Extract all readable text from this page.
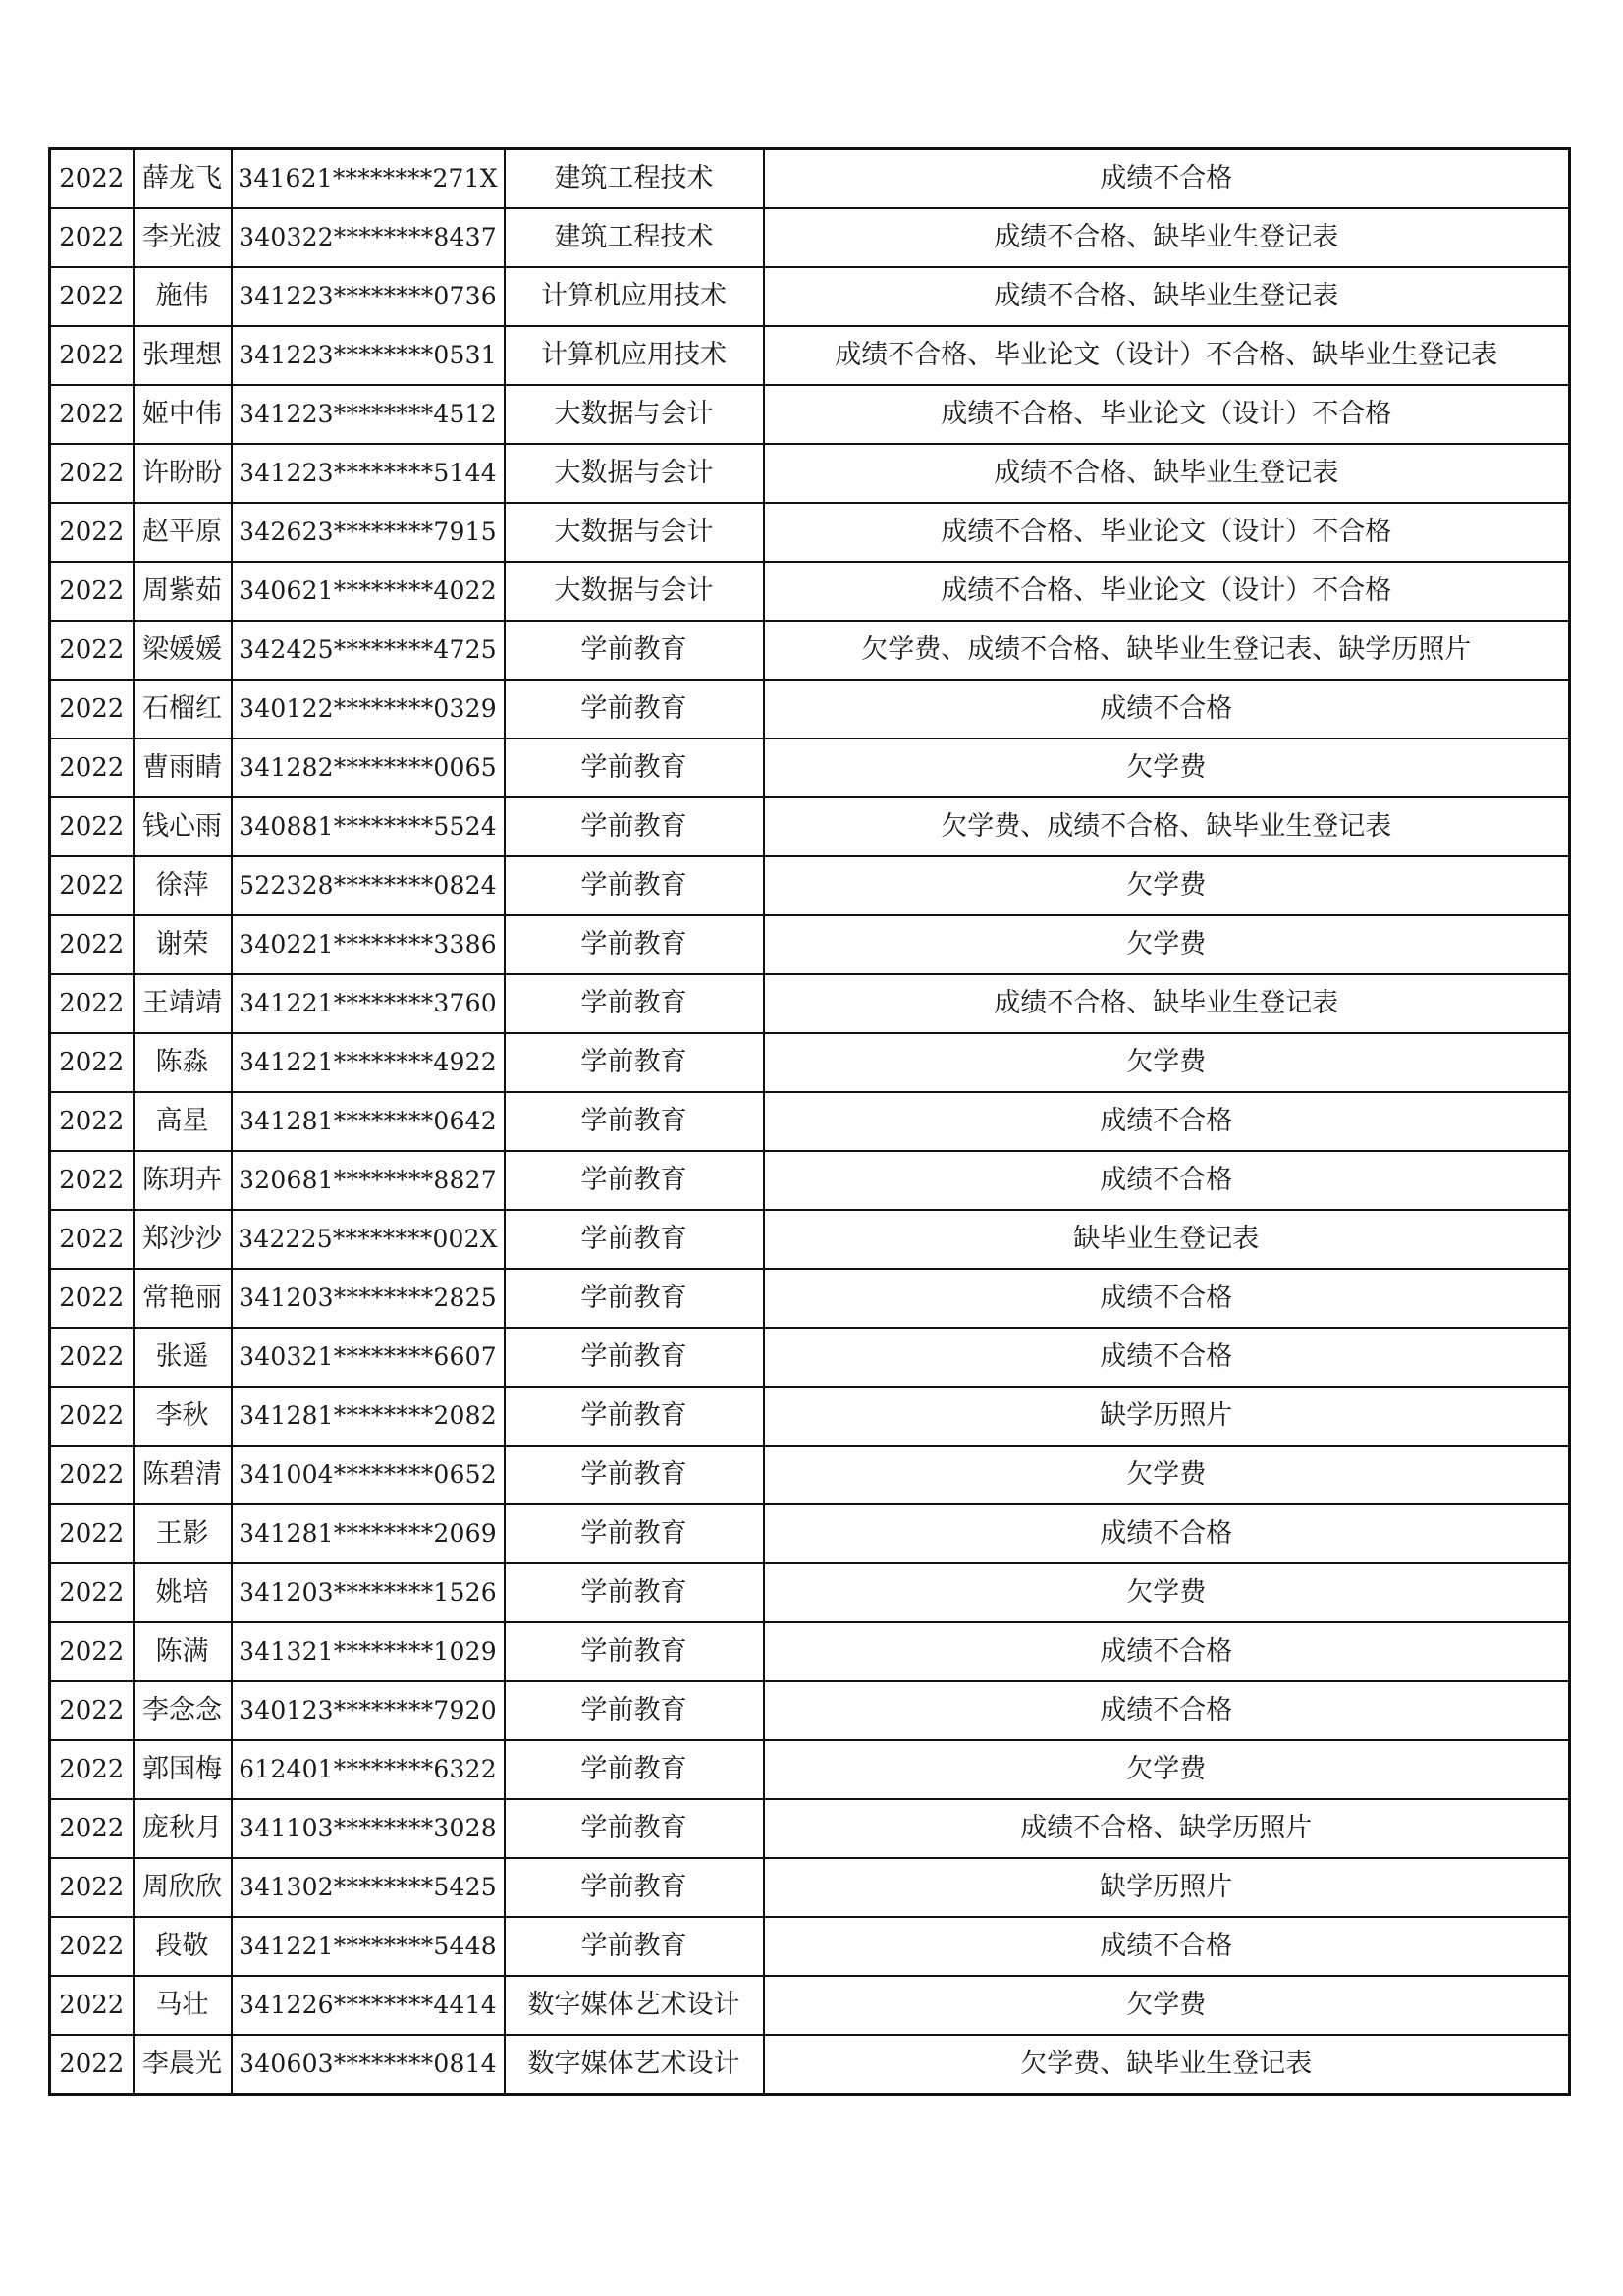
2022	薛龙飞	341621********271X	建筑工程技术	成绩不合格
2022	李光波	340322********8437	建筑工程技术	成绩不合格、缺毕业生登记表
2022	施伟	341223********0736	计算机应用技术	成绩不合格、缺毕业生登记表
2022	张理想	341223********0531	计算机应用技术	成绩不合格、毕业论文（设计）不合格、缺毕业生登记表
2022	姬中伟	341223********4512	大数据与会计	成绩不合格、毕业论文（设计）不合格
2022	许盼盼	341223********5144	大数据与会计	成绩不合格、缺毕业生登记表
2022	赵平原	342623********7915	大数据与会计	成绩不合格、毕业论文（设计）不合格
2022	周紫茹	340621********4022	大数据与会计	成绩不合格、毕业论文（设计）不合格
2022	梁媛媛	342425********4725	学前教育	欠学费、成绩不合格、缺毕业生登记表、缺学历照片
2022	石榴红	340122********0329	学前教育	成绩不合格
2022	曹雨睛	341282********0065	学前教育	欠学费
2022	钱心雨	340881********5524	学前教育	欠学费、成绩不合格、缺毕业生登记表
2022	徐萍	522328********0824	学前教育	欠学费
2022	谢荣	340221********3386	学前教育	欠学费
2022	王靖靖	341221********3760	学前教育	成绩不合格、缺毕业生登记表
2022	陈淼	341221********4922	学前教育	欠学费
2022	高星	341281********0642	学前教育	成绩不合格
2022	陈玥卉	320681********8827	学前教育	成绩不合格
2022	郑沙沙	342225********002X	学前教育	缺毕业生登记表
2022	常艳丽	341203********2825	学前教育	成绩不合格
2022	张遥	340321********6607	学前教育	成绩不合格
2022	李秋	341281********2082	学前教育	缺学历照片
2022	陈碧清	341004********0652	学前教育	欠学费
2022	王影	341281********2069	学前教育	成绩不合格
2022	姚培	341203********1526	学前教育	欠学费
2022	陈满	341321********1029	学前教育	成绩不合格
2022	李念念	340123********7920	学前教育	成绩不合格
2022	郭国梅	612401********6322	学前教育	欠学费
2022	庞秋月	341103********3028	学前教育	成绩不合格、缺学历照片
2022	周欣欣	341302********5425	学前教育	缺学历照片
2022	段敬	341221********5448	学前教育	成绩不合格
2022	马壮	341226********4414	数字媒体艺术设计	欠学费
2022	李晨光	340603********0814	数字媒体艺术设计	欠学费、缺毕业生登记表
